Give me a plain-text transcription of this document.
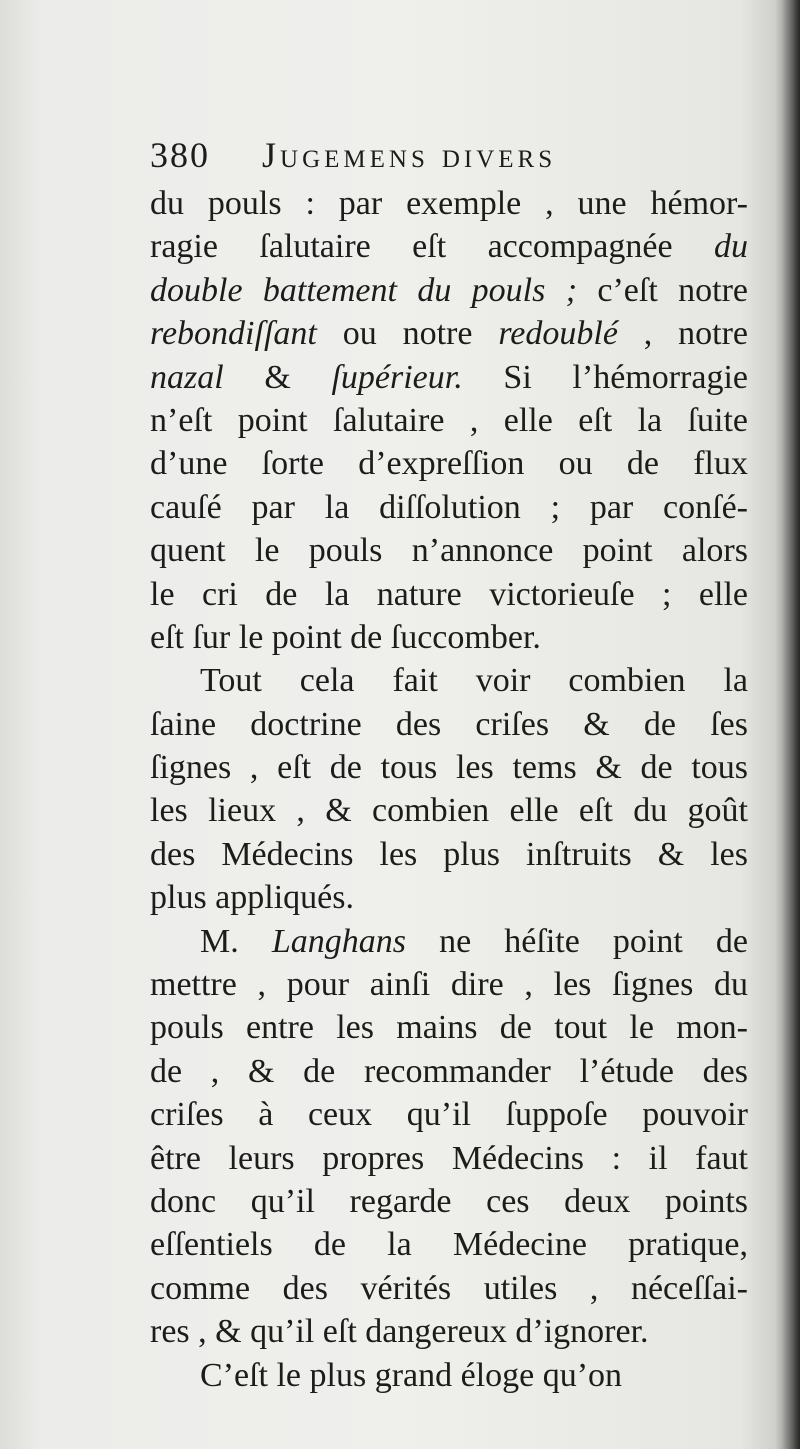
380 Jugemens divers
du pouls : par exemple , une hémor-
ragie ſalutaire eſt accompagnée du
double battement du pouls ; c’eſt notre
rebondiſſant ou notre redoublé , notre
nazal & ſupérieur. Si l’hémorragie
n’eſt point ſalutaire , elle eſt la ſuite
d’une ſorte d’expreſſion ou de flux
cauſé par la diſſolution ; par conſé-
quent le pouls n’annonce point alors
le cri de la nature victorieuſe ; elle
eſt ſur le point de ſuccomber.
Tout cela fait voir combien la
ſaine doctrine des criſes & de ſes
ſignes , eſt de tous les tems & de tous
les lieux , & combien elle eſt du goût
des Médecins les plus inſtruits & les
plus appliqués.
M. Langhans ne héſite point de
mettre , pour ainſi dire , les ſignes du
pouls entre les mains de tout le mon-
de , & de recommander l’étude des
criſes à ceux qu’il ſuppoſe pouvoir
être leurs propres Médecins : il faut
donc qu’il regarde ces deux points
eſſentiels de la Médecine pratique,
comme des vérités utiles , néceſſai-
res , & qu’il eſt dangereux d’ignorer.
C’eſt le plus grand éloge qu’on
